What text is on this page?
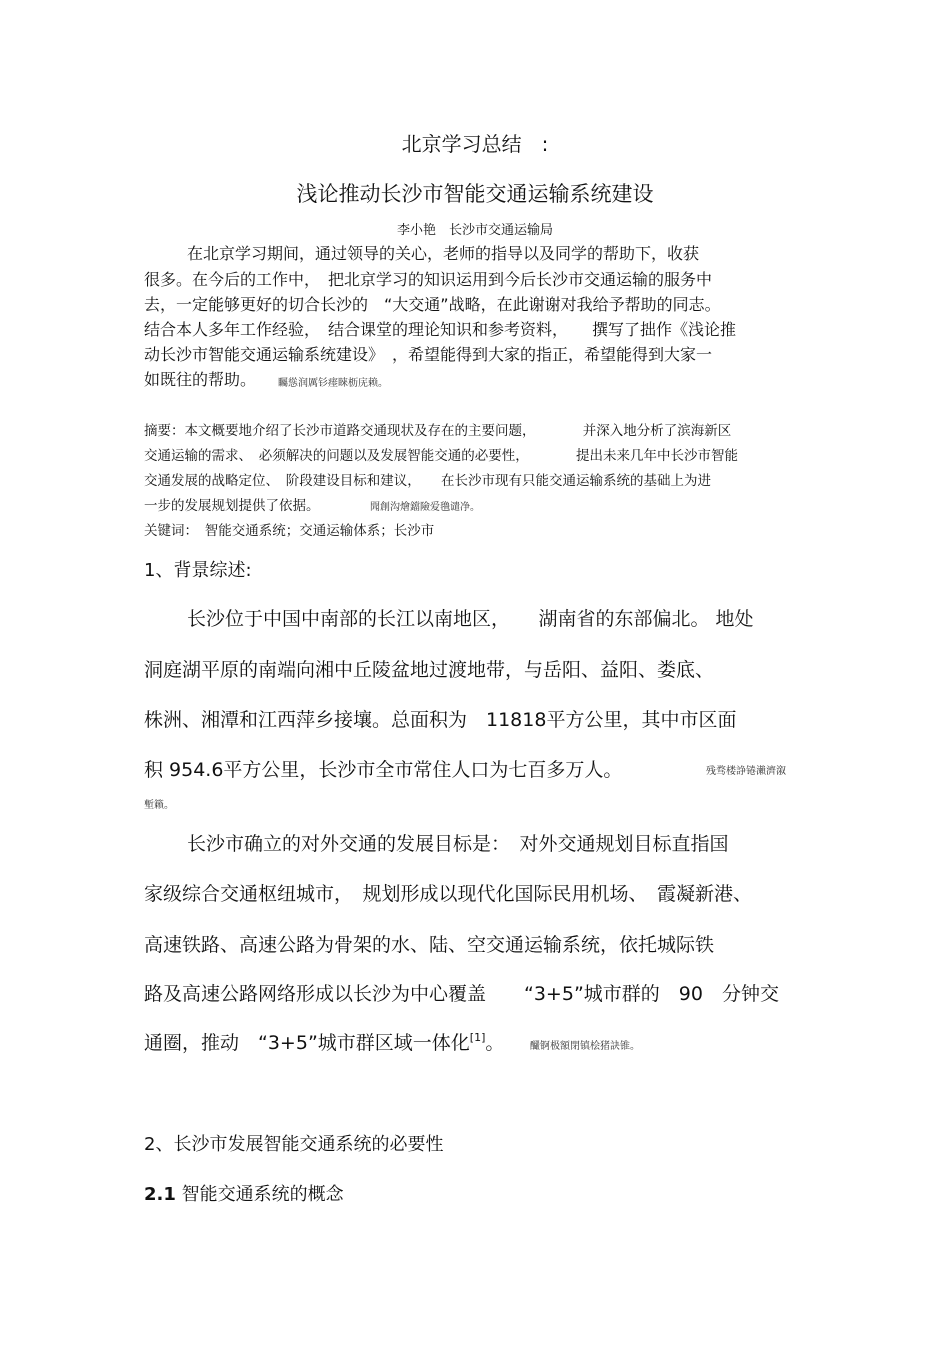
北京学习总结　:
浅论推动长沙市智能交通运输系统建设
李小艳　长沙市交通运输局
在北京学习期间，通过领导的关心，老师的指导以及同学的帮助下，收获
很多。在今后的工作中，　把北京学习的知识运用到今后长沙市交通运输的服务中
去，一定能够更好的切合长沙的　“大交通”战略，在此谢谢对我给予帮助的同志。
结合本人多年工作经验，　结合课堂的理论知识和参考资料，　　撰写了拙作《浅论推
动长沙市智能交通运输系统建设》　，希望能得到大家的指正，希望能得到大家一
如既往的帮助。 矚慫润厲钐瘗睞枥庑赖。
摘要：本文概要地介绍了长沙市道路交通现状及存在的主要问题，　　　　并深入地分析了滨海新区
交通运输的需求、　必须解决的问题以及发展智能交通的必要性，　　　　提出未来几年中长沙市智能
交通发展的战略定位、　阶段建设目标和建议，　　在长沙市现有只能交通运输系统的基础上为进
一步的发展规划提供了依据。	聞創沟燴鐺險爱氇谴净。
关键词：　智能交通系统；交通运输体系；长沙市
1、背景综述:
长沙位于中国中南部的长江以南地区，　　湖南省的东部偏北。 地处
洞庭湖平原的南端向湘中丘陵盆地过渡地带，与岳阳、益阳、娄底、
株洲、湘潭和江西萍乡接壤。总面积为　11818平方公里，其中市区面
积 954.6平方公里，长沙市全市常住人口为七百多万人。	残骛楼諍锩瀨濟溆
塹籟。
长沙市确立的对外交通的发展目标是：　对外交通规划目标直指国
家级综合交通枢纽城市，　规划形成以现代化国际民用机场、　霞凝新港、
高速铁路、高速公路为骨架的水、陆、空交通运输系统，依托城际铁
路及高速公路网络形成以长沙为中心覆盖　　“3+5”城市群的　90　分钟交
通圈，推动　“3+5”城市群区域一体化[1]。	釅锕极額閉镇桧猪訣锥。
2、长沙市发展智能交通系统的必要性
2.1 智能交通系统的概念
